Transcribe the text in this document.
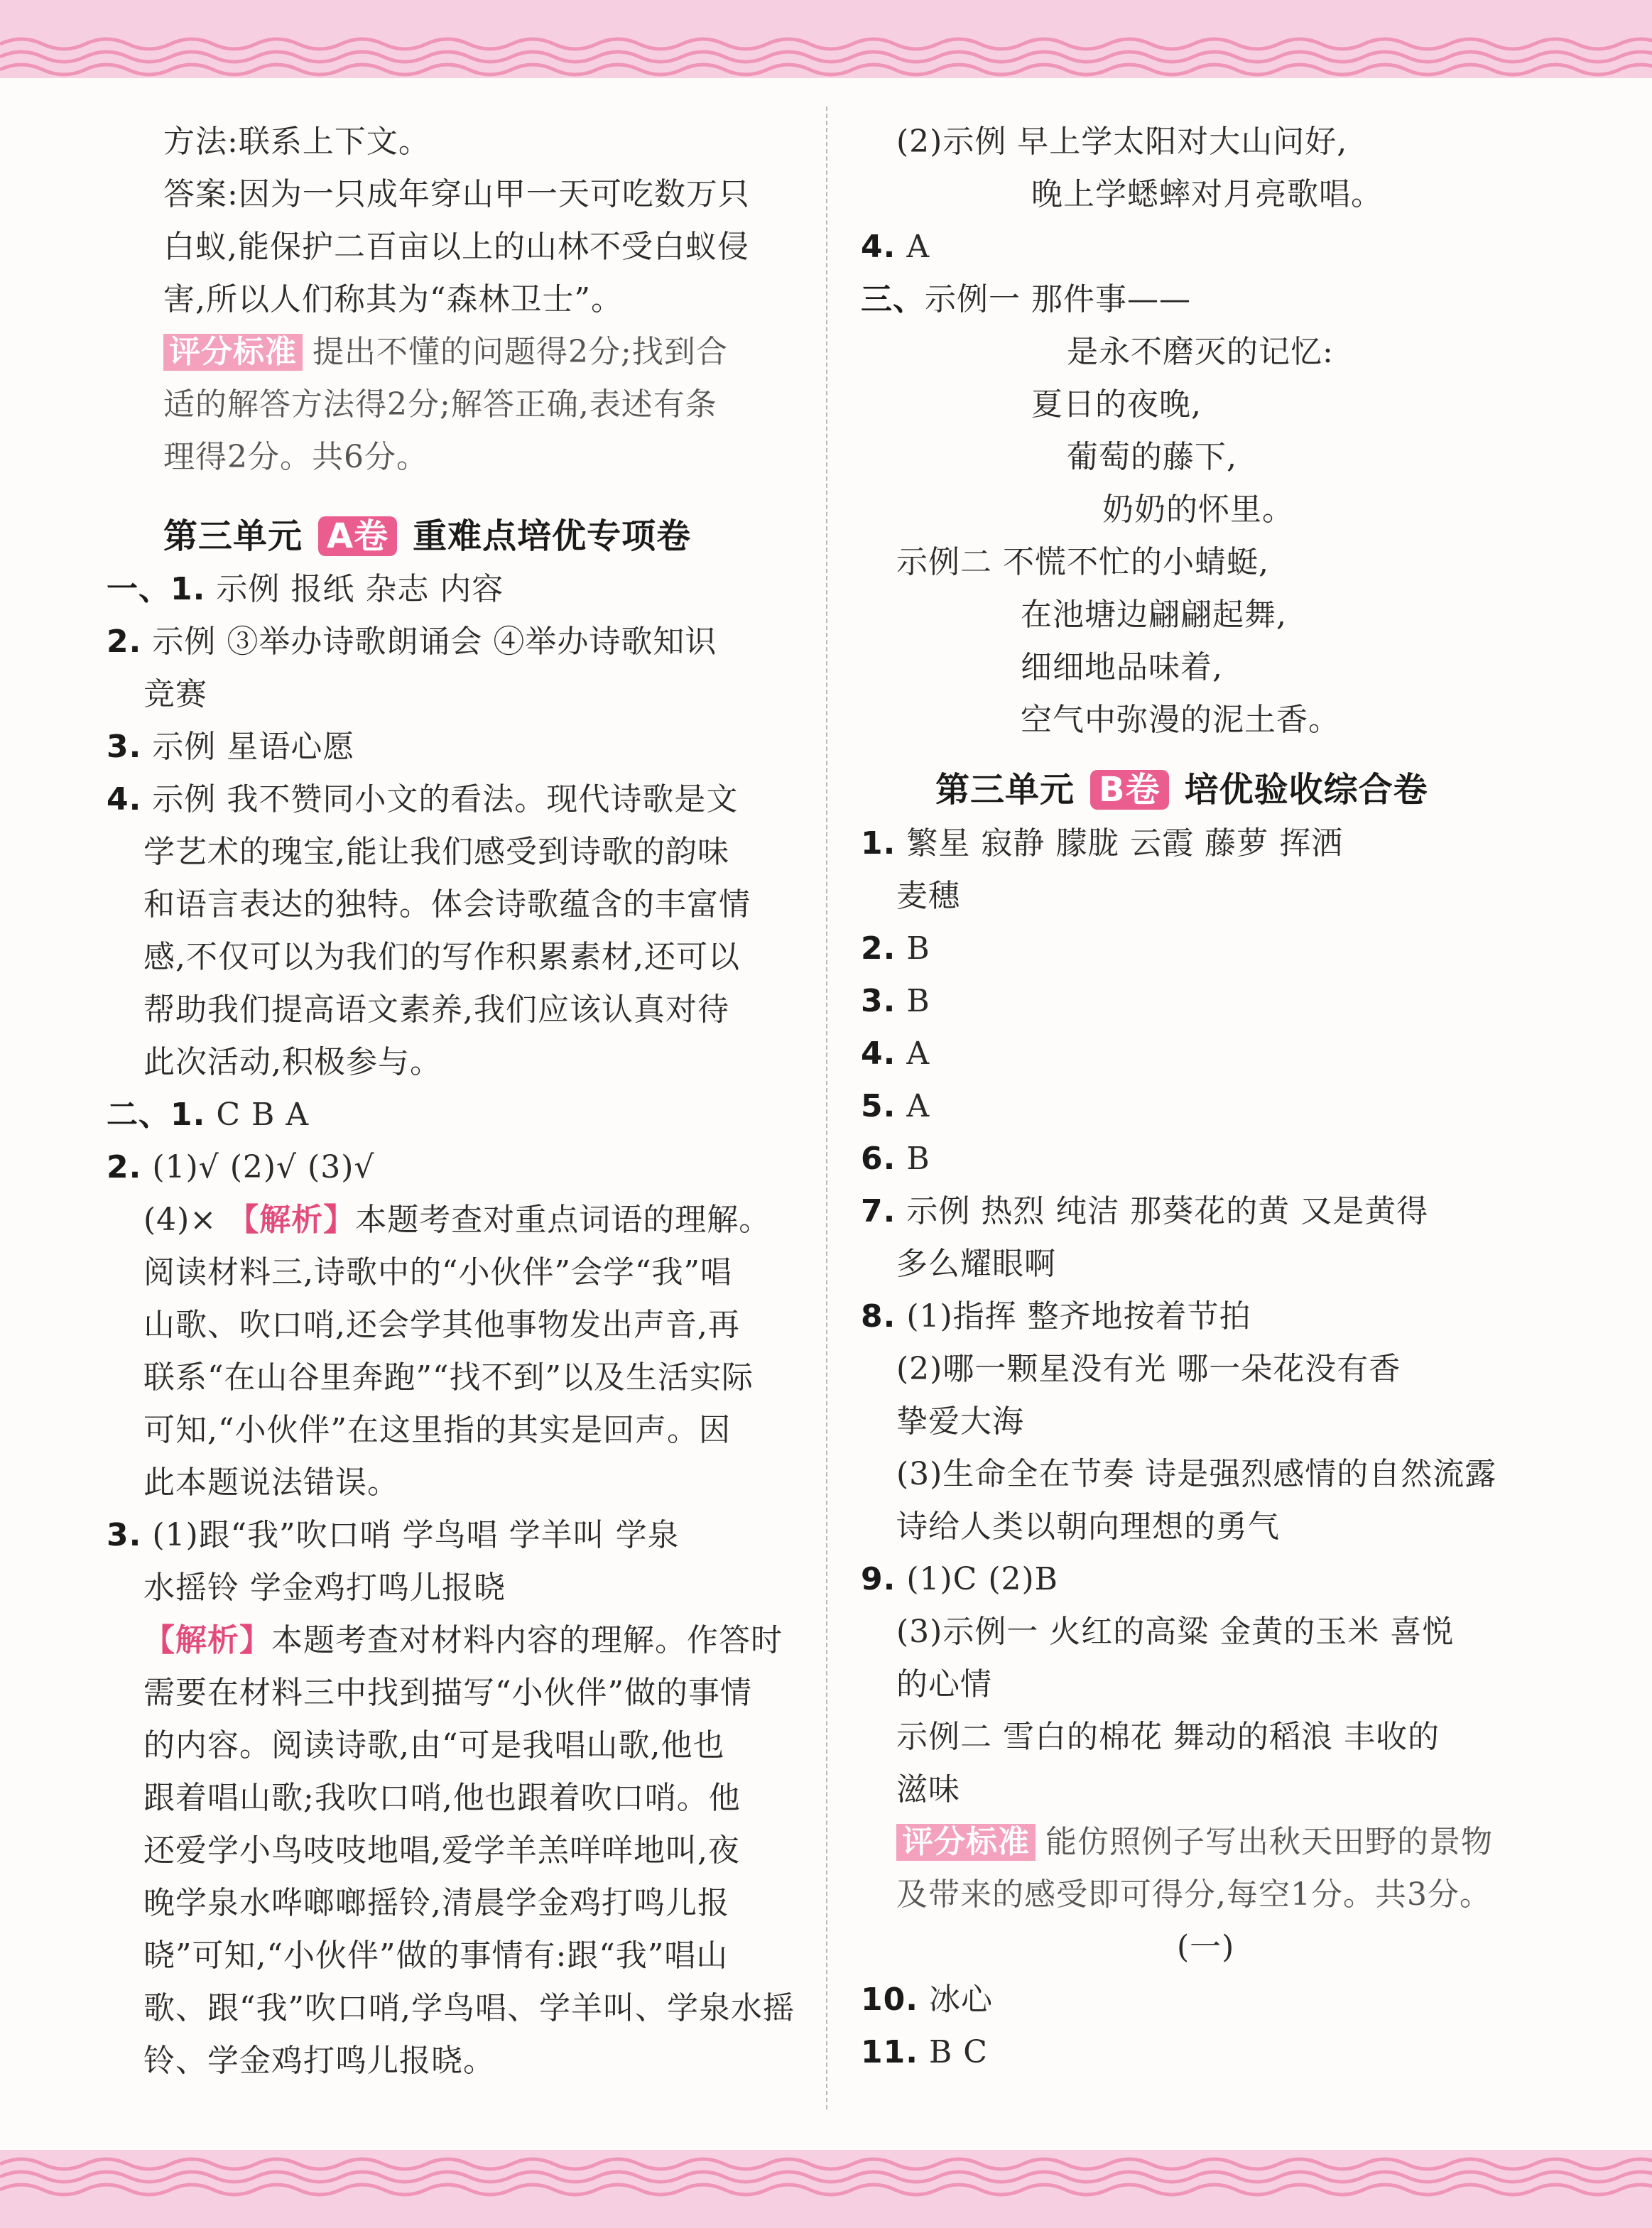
方法:联系上下文。
答案:因为一只成年穿山甲一天可吃数万只
白蚁,能保护二百亩以上的山林不受白蚁侵
害,所以人们称其为“森林卫士”。
评分标准 提出不懂的问题得2分;找到合
适的解答方法得2分;解答正确,表述有条
理得2分。共6分。
第三单元 A卷 重难点培优专项卷
一、1. 示例 报纸 杂志 内容
2. 示例 ③举办诗歌朗诵会 ④举办诗歌知识
竞赛
3. 示例 星语心愿
4. 示例 我不赞同小文的看法。现代诗歌是文
学艺术的瑰宝,能让我们感受到诗歌的韵味
和语言表达的独特。体会诗歌蕴含的丰富情
感,不仅可以为我们的写作积累素材,还可以
帮助我们提高语文素养,我们应该认真对待
此次活动,积极参与。
二、1. C B A
2. (1)√ (2)√ (3)√
(4)× 【解析】本题考查对重点词语的理解。
阅读材料三,诗歌中的“小伙伴”会学“我”唱
山歌、吹口哨,还会学其他事物发出声音,再
联系“在山谷里奔跑”“找不到”以及生活实际
可知,“小伙伴”在这里指的其实是回声。因
此本题说法错误。
3. (1)跟“我”吹口哨 学鸟唱 学羊叫 学泉
水摇铃 学金鸡打鸣儿报晓
【解析】本题考查对材料内容的理解。作答时
需要在材料三中找到描写“小伙伴”做的事情
的内容。阅读诗歌,由“可是我唱山歌,他也
跟着唱山歌;我吹口哨,他也跟着吹口哨。他
还爱学小鸟吱吱地唱,爱学羊羔咩咩地叫,夜
晚学泉水哗啷啷摇铃,清晨学金鸡打鸣儿报
晓”可知,“小伙伴”做的事情有:跟“我”唱山
歌、跟“我”吹口哨,学鸟唱、学羊叫、学泉水摇
铃、学金鸡打鸣儿报晓。
(2)示例 早上学太阳对大山问好,
晚上学蟋蟀对月亮歌唱。
4. A
三、示例一 那件事——
是永不磨灭的记忆:
夏日的夜晚,
葡萄的藤下,
奶奶的怀里。
示例二 不慌不忙的小蜻蜓,
在池塘边翩翩起舞,
细细地品味着,
空气中弥漫的泥土香。
第三单元 B卷 培优验收综合卷
1. 繁星 寂静 朦胧 云霞 藤萝 挥洒
麦穗
2. B
3. B
4. A
5. A
6. B
7. 示例 热烈 纯洁 那葵花的黄 又是黄得
多么耀眼啊
8. (1)指挥 整齐地按着节拍
(2)哪一颗星没有光 哪一朵花没有香
挚爱大海
(3)生命全在节奏 诗是强烈感情的自然流露
诗给人类以朝向理想的勇气
9. (1)C (2)B
(3)示例一 火红的高粱 金黄的玉米 喜悦
的心情
示例二 雪白的棉花 舞动的稻浪 丰收的
滋味
评分标准 能仿照例子写出秋天田野的景物
及带来的感受即可得分,每空1分。共3分。
(一)
10. 冰心
11. B C
